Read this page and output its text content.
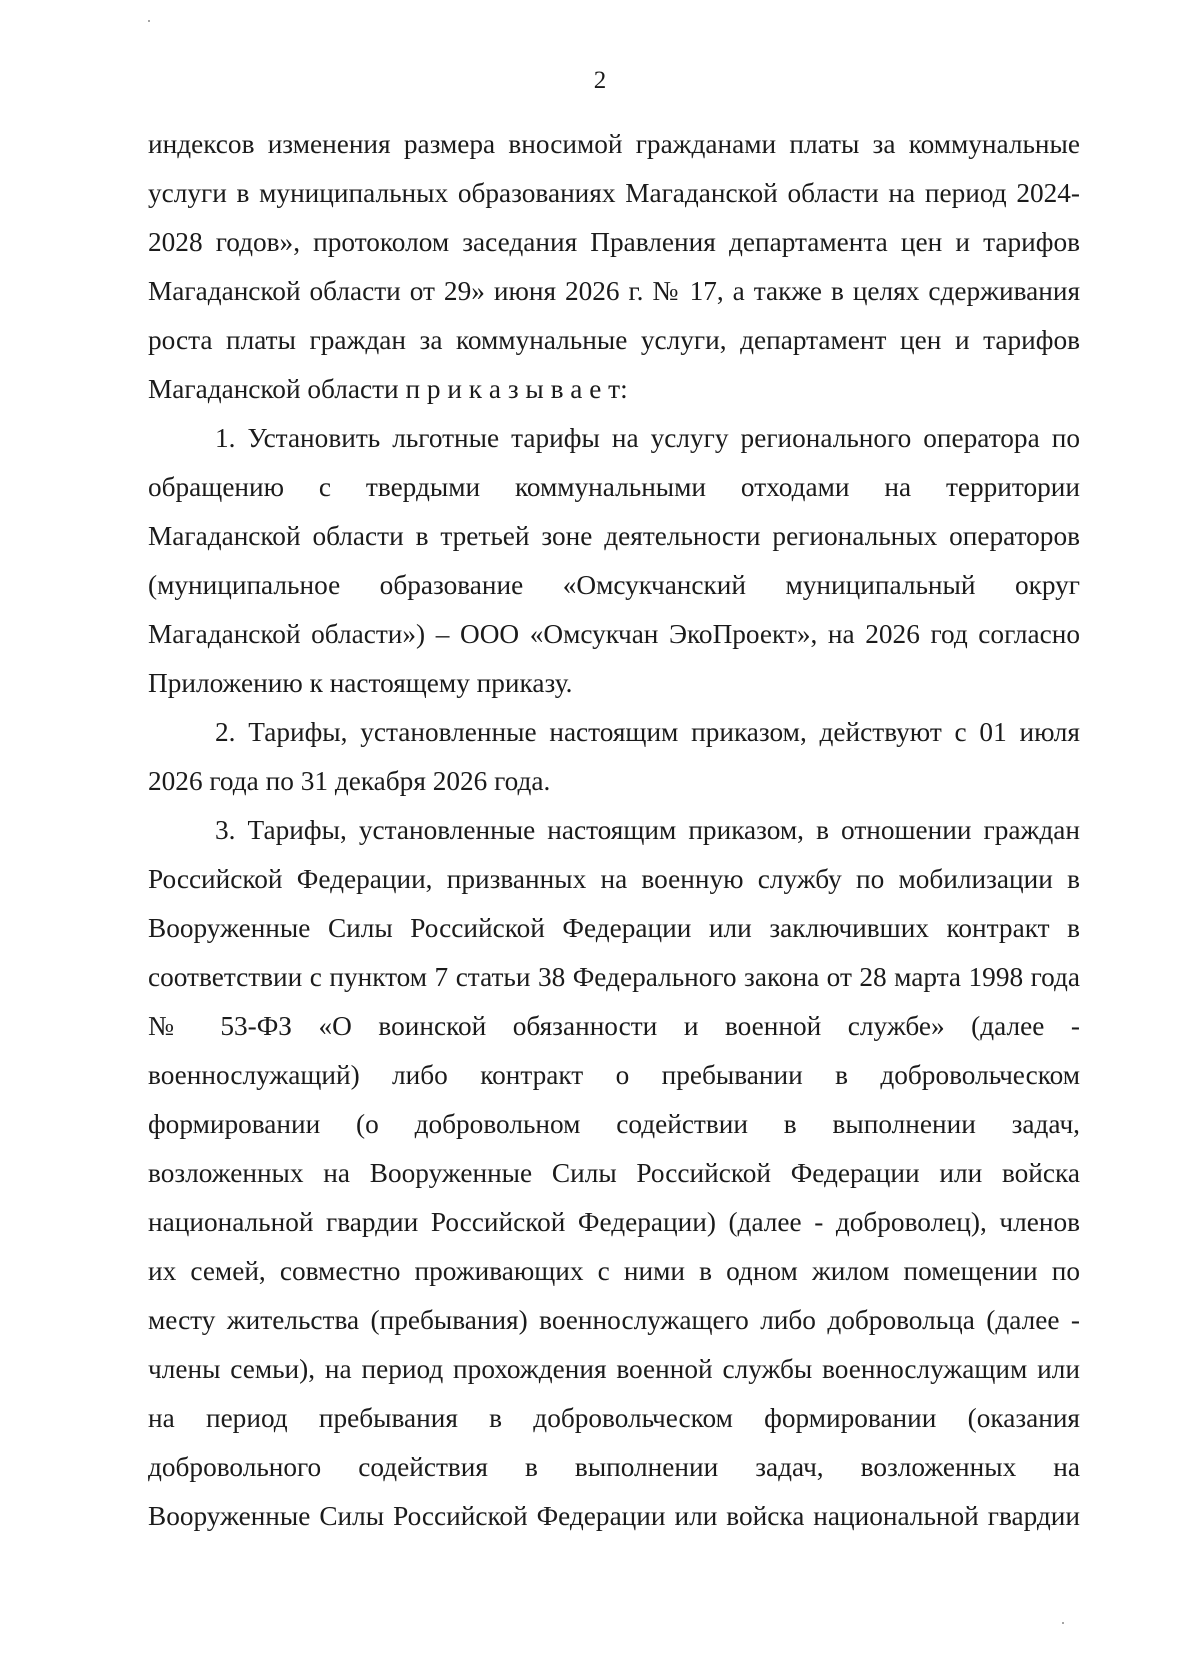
2
индексов изменения размера вносимой гражданами платы за коммунальные
услуги в муниципальных образованиях Магаданской области на период 2024-
2028 годов», протоколом заседания Правления департамента цен и тарифов
Магаданской области от 29» июня 2026 г. № 17, а также в целях сдерживания
роста платы граждан за коммунальные услуги, департамент цен и тарифов
Магаданской области п р и к а з ы в а е т:
1. Установить льготные тарифы на услугу регионального оператора по
обращению с твердыми коммунальными отходами на территории
Магаданской области в третьей зоне деятельности региональных операторов
(муниципальное образование «Омсукчанский муниципальный округ
Магаданской области») – ООО «Омсукчан ЭкоПроект», на 2026 год согласно
Приложению к настоящему приказу.
2. Тарифы, установленные настоящим приказом, действуют с 01 июля
2026 года по 31 декабря 2026 года.
3. Тарифы, установленные настоящим приказом, в отношении граждан
Российской Федерации, призванных на военную службу по мобилизации в
Вооруженные Силы Российской Федерации или заключивших контракт в
соответствии с пунктом 7 статьи 38 Федерального закона от 28 марта 1998 года
№ 53-ФЗ «О воинской обязанности и военной службе» (далее -
военнослужащий) либо контракт о пребывании в добровольческом
формировании (о добровольном содействии в выполнении задач,
возложенных на Вооруженные Силы Российской Федерации или войска
национальной гвардии Российской Федерации) (далее - доброволец), членов
их семей, совместно проживающих с ними в одном жилом помещении по
месту жительства (пребывания) военнослужащего либо добровольца (далее -
члены семьи), на период прохождения военной службы военнослужащим или
на период пребывания в добровольческом формировании (оказания
добровольного содействия в выполнении задач, возложенных на
Вооруженные Силы Российской Федерации или войска национальной гвардии
